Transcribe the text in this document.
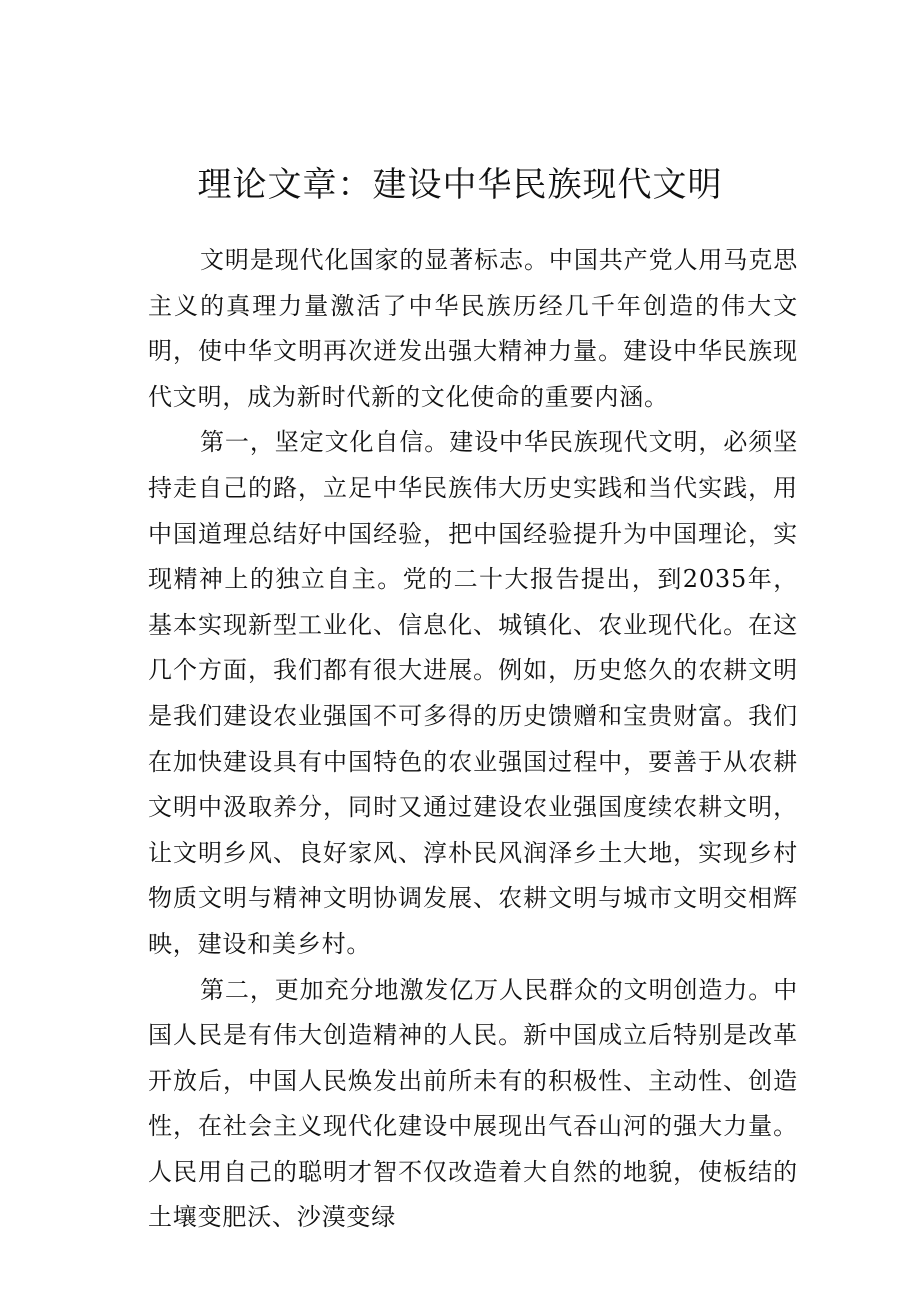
理论文章：建设中华民族现代文明

文明是现代化国家的显著标志。中国共产党人用马克思主义的真理力量激活了中华民族历经几千年创造的伟大文明，使中华文明再次迸发出强大精神力量。建设中华民族现代文明，成为新时代新的文化使命的重要内涵。

第一，坚定文化自信。建设中华民族现代文明，必须坚持走自己的路，立足中华民族伟大历史实践和当代实践，用中国道理总结好中国经验，把中国经验提升为中国理论，实现精神上的独立自主。党的二十大报告提出，到2035年，基本实现新型工业化、信息化、城镇化、农业现代化。在这几个方面，我们都有很大进展。例如，历史悠久的农耕文明是我们建设农业强国不可多得的历史馈赠和宝贵财富。我们在加快建设具有中国特色的农业强国过程中，要善于从农耕文明中汲取养分，同时又通过建设农业强国度续农耕文明，让文明乡风、良好家风、淳朴民风润泽乡土大地，实现乡村物质文明与精神文明协调发展、农耕文明与城市文明交相辉映，建设和美乡村。

第二，更加充分地激发亿万人民群众的文明创造力。中国人民是有伟大创造精神的人民。新中国成立后特别是改革开放后，中国人民焕发出前所未有的积极性、主动性、创造性，在社会主义现代化建设中展现出气吞山河的强大力量。人民用自己的聪明才智不仅改造着大自然的地貌，使板结的土壤变肥沃、沙漠变绿
